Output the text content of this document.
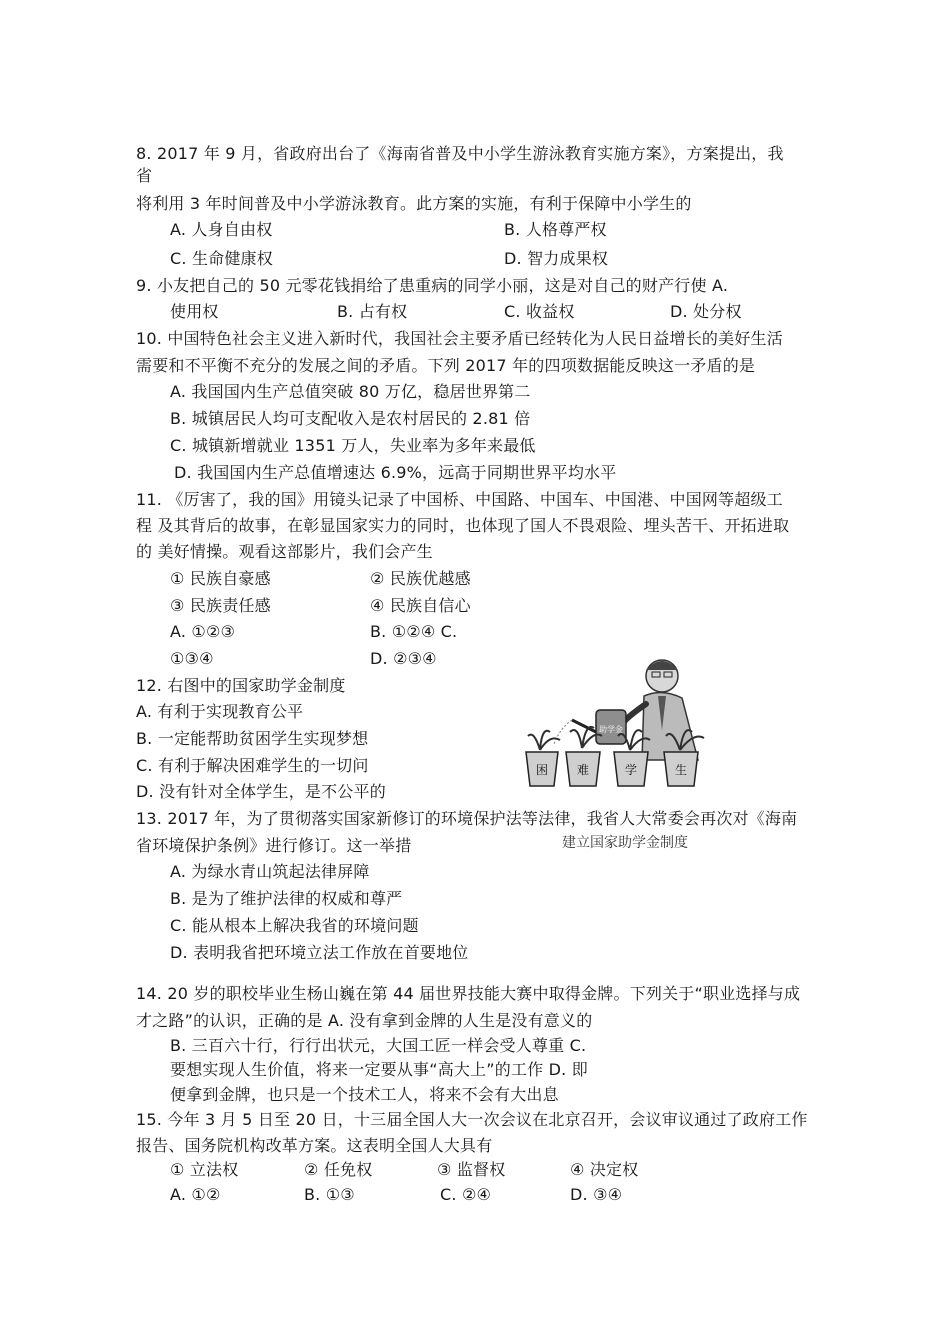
8. 2017 年 9 月，省政府出台了《海南省普及中小学生游泳教育实施方案》，方案提出，我
省
将利用 3 年时间普及中小学游泳教育。此方案的实施，有利于保障中小学生的
A. 人身自由权	B. 人格尊严权
C. 生命健康权	D. 智力成果权
9. 小友把自己的 50 元零花钱捐给了患重病的同学小丽，这是对自己的财产行使 A.
使用权	B. 占有权	C. 收益权	D. 处分权
10. 中国特色社会主义进入新时代，我国社会主要矛盾已经转化为人民日益增长的美好生活
需要和不平衡不充分的发展之间的矛盾。下列 2017 年的四项数据能反映这一矛盾的是
A. 我国国内生产总值突破 80 万亿，稳居世界第二
B. 城镇居民人均可支配收入是农村居民的 2.81 倍
C. 城镇新增就业 1351 万人，失业率为多年来最低
D. 我国国内生产总值增速达 6.9%，远高于同期世界平均水平
11. 《厉害了，我的国》用镜头记录了中国桥、中国路、中国车、中国港、中国网等超级工
程 及其背后的故事，在彰显国家实力的同时，也体现了国人不畏艰险、埋头苦干、开拓进取
的 美好情操。观看这部影片，我们会产生
① 民族自豪感	② 民族优越感
③ 民族责任感	④ 民族自信心
A. ①②③	B. ①②④ C.
①③④	D. ②③④
12. 右图中的国家助学金制度
A. 有利于实现教育公平
B. 一定能帮助贫困学生实现梦想
C. 有利于解决困难学生的一切问
D. 没有针对全体学生，是不公平的
助学金
困 难	学	生
建立国家助学金制度
13. 2017 年，为了贯彻落实国家新修订的环境保护法等法律，我省人大常委会再次对《海南
省环境保护条例》进行修订。这一举措
A. 为绿水青山筑起法律屏障
B. 是为了维护法律的权威和尊严
C. 能从根本上解决我省的环境问题
D. 表明我省把环境立法工作放在首要地位
14. 20 岁的职校毕业生杨山巍在第 44 届世界技能大赛中取得金牌。下列关于“职业选择与成
才之路”的认识，正确的是 A. 没有拿到金牌的人生是没有意义的
B. 三百六十行，行行出状元，大国工匠一样会受人尊重 C.
要想实现人生价值，将来一定要从事“高大上”的工作 D. 即
便拿到金牌，也只是一个技术工人，将来不会有大出息
15. 今年 3 月 5 日至 20 日，十三届全国人大一次会议在北京召开，会议审议通过了政府工作
报告、国务院机构改革方案。这表明全国人大具有
① 立法权	② 任免权	③ 监督权	④ 决定权
A. ①②	B. ①③	C. ②④	D. ③④
